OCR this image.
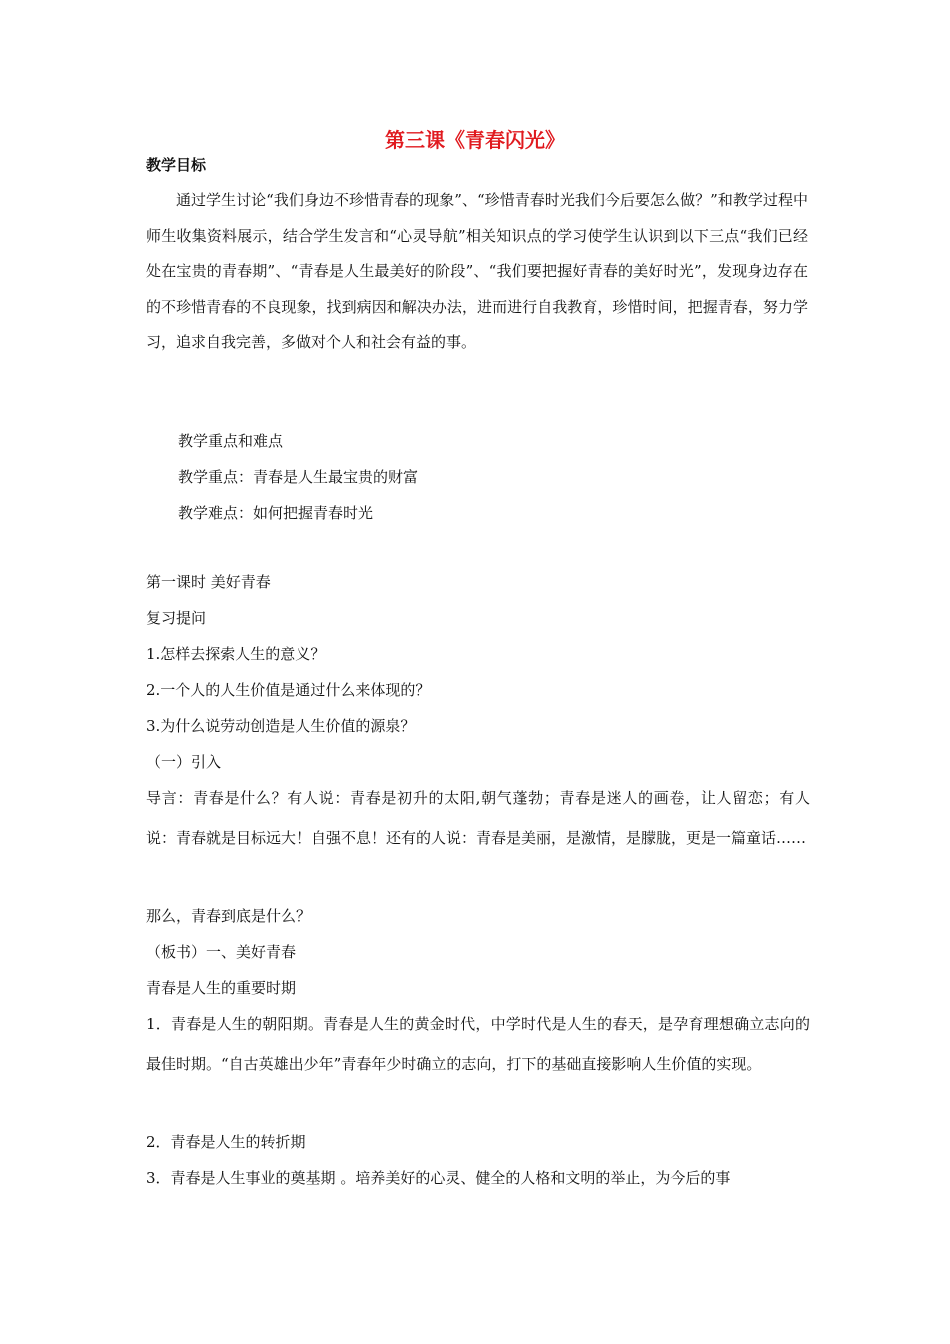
第三课《青春闪光》

教学目标

通过学生讨论“我们身边不珍惜青春的现象”、“珍惜青春时光我们今后要怎么做？”和教学过程中师生收集资料展示，结合学生发言和“心灵导航”相关知识点的学习使学生认识到以下三点“我们已经处在宝贵的青春期”、“青春是人生最美好的阶段”、“我们要把握好青春的美好时光”，发现身边存在的不珍惜青春的不良现象，找到病因和解决办法，进而进行自我教育，珍惜时间，把握青春，努力学习，追求自我完善，多做对个人和社会有益的事。

教学重点和难点

教学重点：青春是人生最宝贵的财富

教学难点：如何把握青春时光

第一课时 美好青春

复习提问

1.怎样去探索人生的意义？

2.一个人的人生价值是通过什么来体现的？

3.为什么说劳动创造是人生价值的源泉？

（一）引入

导言：青春是什么？有人说：青春是初升的太阳,朝气蓬勃；青春是迷人的画卷，让人留恋；有人说：青春就是目标远大！自强不息！还有的人说：青春是美丽，是激情，是朦胧，更是一篇童话……

那么，青春到底是什么？

（板书）一、美好青春

青春是人生的重要时期

1．青春是人生的朝阳期。青春是人生的黄金时代，中学时代是人生的春天，是孕育理想确立志向的最佳时期。“自古英雄出少年”青春年少时确立的志向，打下的基础直接影响人生价值的实现。

2．青春是人生的转折期

3．青春是人生事业的奠基期 。培养美好的心灵、健全的人格和文明的举止，为今后的事
